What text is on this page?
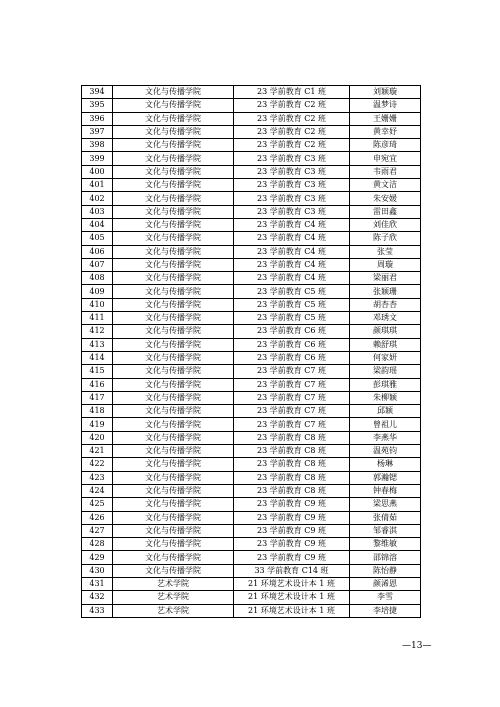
394	文化与传播学院	23 学前教育 C1 班	刘颖璇
395	文化与传播学院	23 学前教育 C2 班	温梦诗
396	文化与传播学院	23 学前教育 C2 班	王姗姗
397	文化与传播学院	23 学前教育 C2 班	黄幸妤
398	文化与传播学院	23 学前教育 C2 班	陈彦琦
399	文化与传播学院	23 学前教育 C3 班	申宛宜
400	文化与传播学院	23 学前教育 C3 班	韦雨君
401	文化与传播学院	23 学前教育 C3 班	黄文洁
402	文化与传播学院	23 学前教育 C3 班	朱安媛
403	文化与传播学院	23 学前教育 C3 班	雷田鑫
404	文化与传播学院	23 学前教育 C4 班	刘佳欣
405	文化与传播学院	23 学前教育 C4 班	陈子欣
406	文化与传播学院	23 学前教育 C4 班	张莹
407	文化与传播学院	23 学前教育 C4 班	周璇
408	文化与传播学院	23 学前教育 C4 班	梁丽君
409	文化与传播学院	23 学前教育 C5 班	张颖珊
410	文化与传播学院	23 学前教育 C5 班	胡杏杏
411	文化与传播学院	23 学前教育 C5 班	邓琇文
412	文化与传播学院	23 学前教育 C6 班	颜琪琪
413	文化与传播学院	23 学前教育 C6 班	赖舒琪
414	文化与传播学院	23 学前教育 C6 班	何家妍
415	文化与传播学院	23 学前教育 C7 班	梁韵瑶
416	文化与传播学院	23 学前教育 C7 班	彭琪雅
417	文化与传播学院	23 学前教育 C7 班	朱柳颖
418	文化与传播学院	23 学前教育 C7 班	邱颖
419	文化与传播学院	23 学前教育 C7 班	曾祖儿
420	文化与传播学院	23 学前教育 C8 班	李燕华
421	文化与传播学院	23 学前教育 C8 班	温苑钧
422	文化与传播学院	23 学前教育 C8 班	杨琳
423	文化与传播学院	23 学前教育 C8 班	郭瀚锶
424	文化与传播学院	23 学前教育 C8 班	钟春梅
425	文化与传播学院	23 学前教育 C9 班	梁思燕
426	文化与传播学院	23 学前教育 C9 班	张倩茹
427	文化与传播学院	23 学前教育 C9 班	邹睿淇
428	文化与传播学院	23 学前教育 C9 班	黎维敏
429	文化与传播学院	23 学前教育 C9 班	邵锦溶
430	文化与传播学院	33 学前教育 C14 班	陈怡静
431	艺术学院	21 环境艺术设计本 1 班	颜浠恩
432	艺术学院	21 环境艺术设计本 1 班	李雪
433	艺术学院	21 环境艺术设计本 1 班	李培捷
—13—
